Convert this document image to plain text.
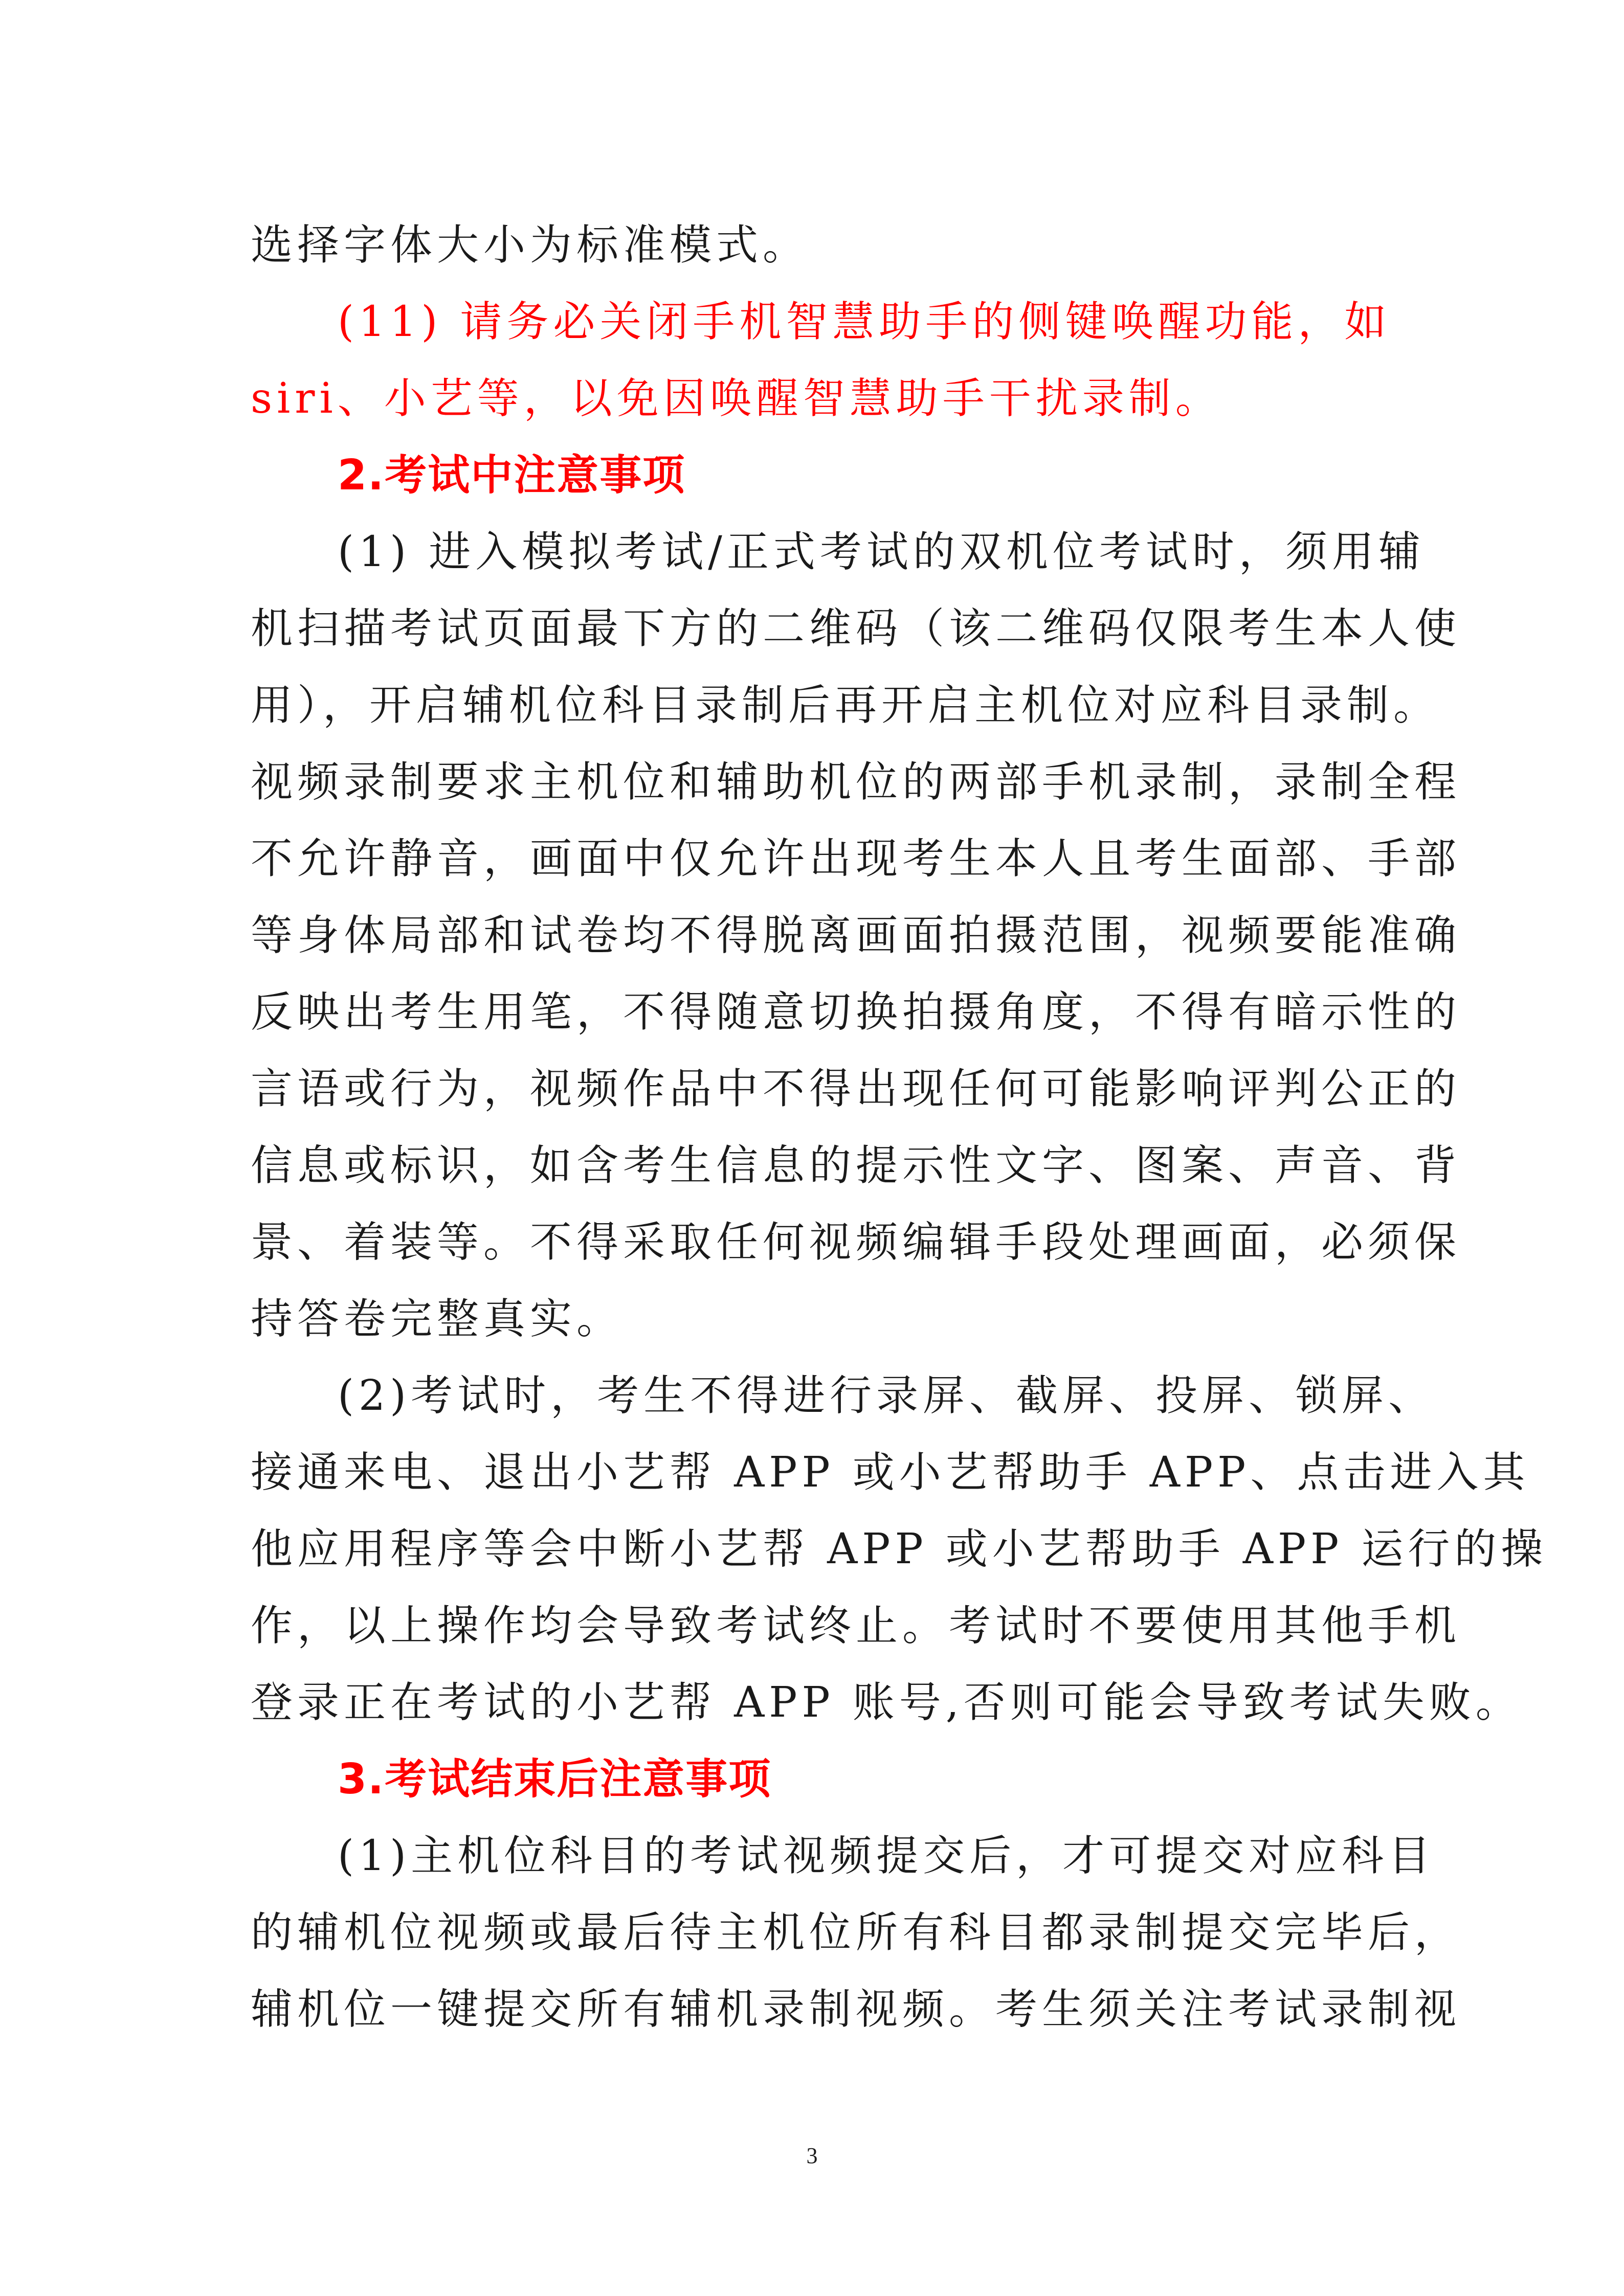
选择字体大小为标准模式。
(11) 请务必关闭手机智慧助手的侧键唤醒功能，如
siri、小艺等，以免因唤醒智慧助手干扰录制。
2.考试中注意事项
(1) 进入模拟考试/正式考试的双机位考试时，须用辅
机扫描考试页面最下方的二维码（该二维码仅限考生本人使
用），开启辅机位科目录制后再开启主机位对应科目录制。
视频录制要求主机位和辅助机位的两部手机录制，录制全程
不允许静音，画面中仅允许出现考生本人且考生面部、手部
等身体局部和试卷均不得脱离画面拍摄范围，视频要能准确
反映出考生用笔，不得随意切换拍摄角度，不得有暗示性的
言语或行为，视频作品中不得出现任何可能影响评判公正的
信息或标识，如含考生信息的提示性文字、图案、声音、背
景、着装等。不得采取任何视频编辑手段处理画面，必须保
持答卷完整真实。
(2)考试时，考生不得进行录屏、截屏、投屏、锁屏、
接通来电、退出小艺帮 APP 或小艺帮助手 APP、点击进入其
他应用程序等会中断小艺帮 APP 或小艺帮助手 APP 运行的操
作，以上操作均会导致考试终止。考试时不要使用其他手机
登录正在考试的小艺帮 APP 账号,否则可能会导致考试失败。
3.考试结束后注意事项
(1)主机位科目的考试视频提交后，才可提交对应科目
的辅机位视频或最后待主机位所有科目都录制提交完毕后，
辅机位一键提交所有辅机录制视频。考生须关注考试录制视
3
